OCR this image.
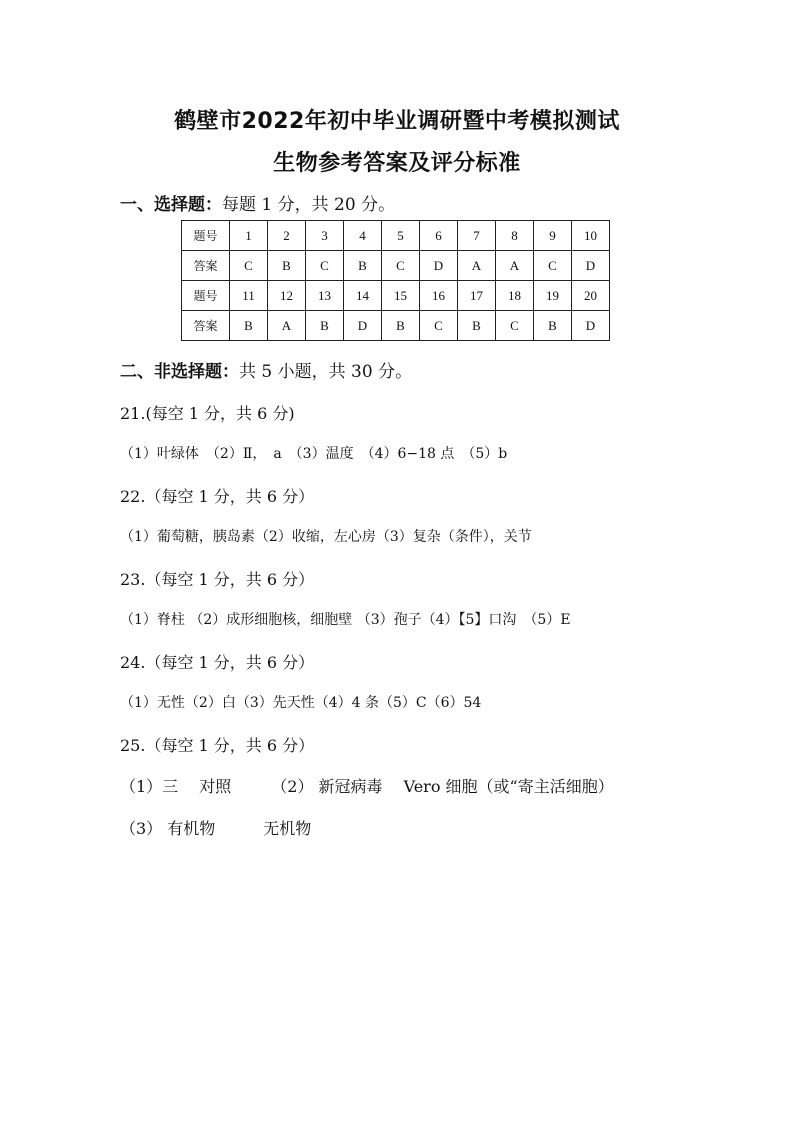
鹤壁市2022年初中毕业调研暨中考模拟测试
生物参考答案及评分标准
一、选择题：每题 1 分，共 20 分。
题号	1	2	3	4	5	6	7	8	9	10
答案	C	B	C	B	C	D	A	A	C	D
题号	11	12	13	14	15	16	17	18	19	20
答案	B	A	B	D	B	C	B	C	B	D
二、非选择题：共 5 小题，共 30 分。
21.(每空 1 分，共 6 分)
（1）叶绿体　（2）Ⅱ，　a　（3）温度　（4）6−18 点　（5）b
22.（每空 1 分，共 6 分）
（1）葡萄糖，胰岛素（2）收缩，左心房（3）复杂（条件），关节
23.（每空 1 分，共 6 分）
（1）脊柱 （2）成形细胞核，细胞壁 （3）孢子（4）【5】口沟　（5）E
24.（每空 1 分，共 6 分）
（1）无性（2）白（3）先天性（4）4 条（5）C（6）54
25.（每空 1 分，共 6 分）
（1）三　 对照　　　（2） 新冠病毒　 Vero 细胞（或“寄主活细胞）
（3） 有机物　　　无机物
